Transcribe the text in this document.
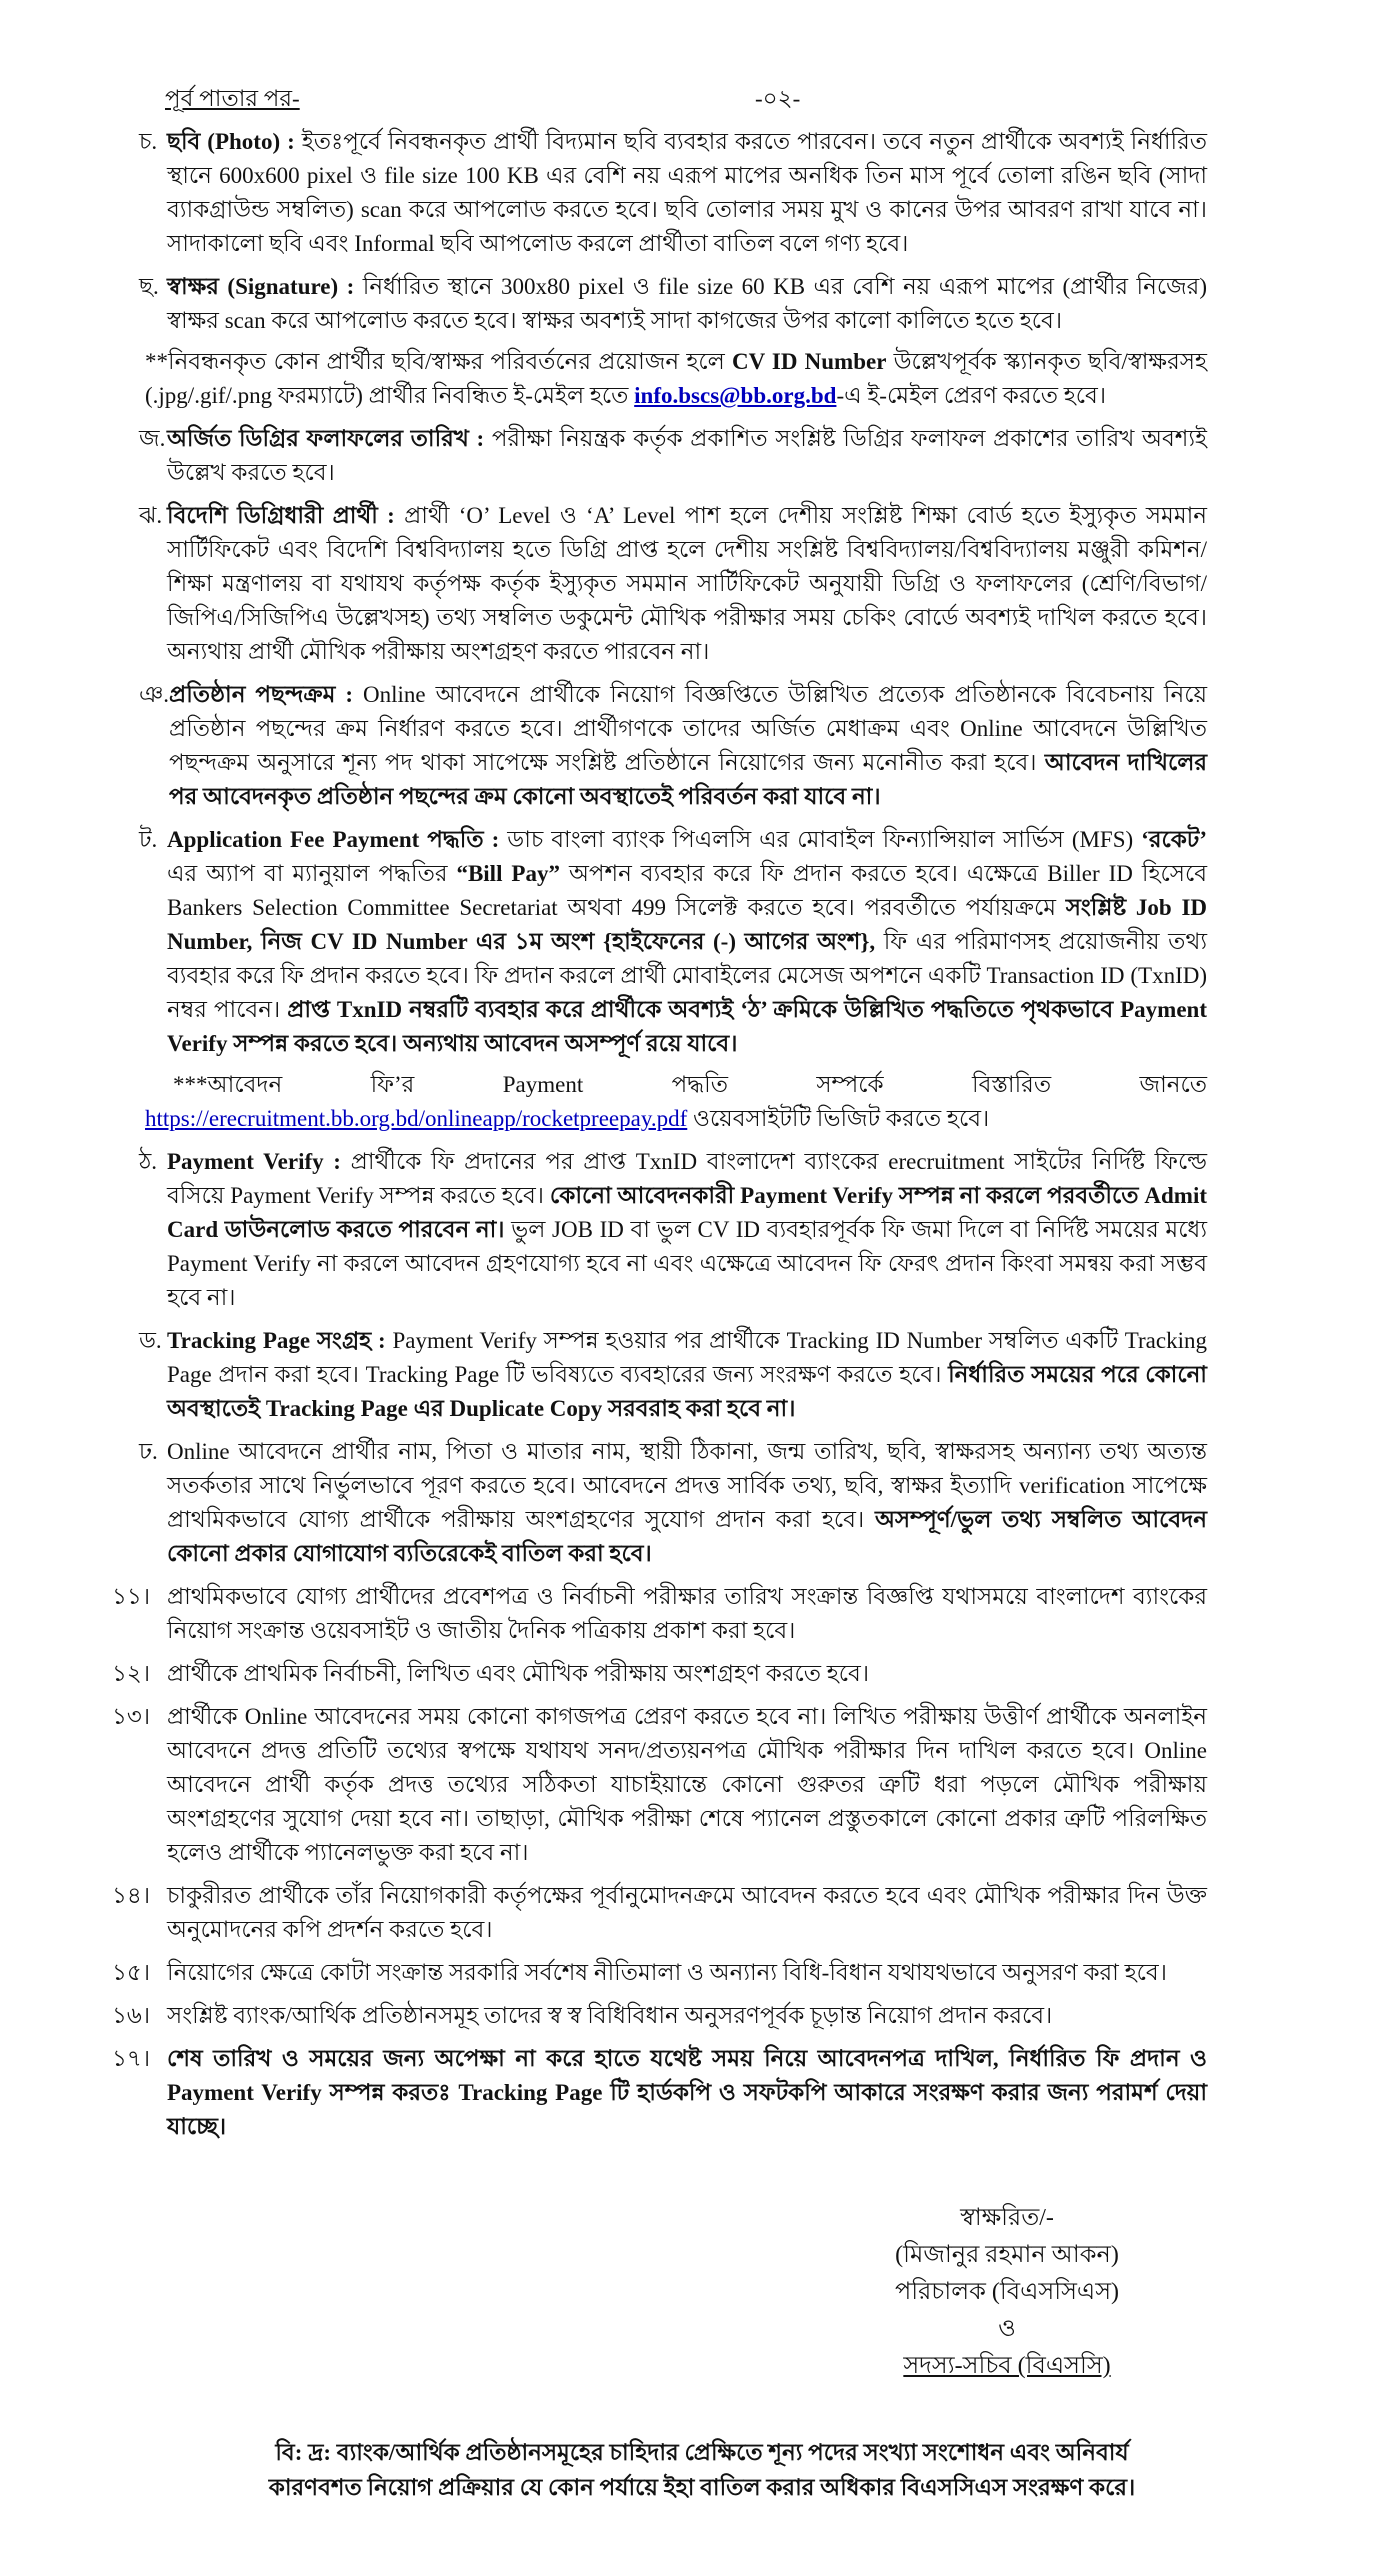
পূর্ব পাতার পর-	-০২-
চ. ছবি (Photo) : ইতঃপূর্বে নিবন্ধনকৃত প্রার্থী বিদ্যমান ছবি ব্যবহার করতে পারবেন। তবে নতুন প্রার্থীকে অবশ্যই নির্ধারিত স্থানে 600x600 pixel ও file size 100 KB এর বেশি নয় এরূপ মাপের অনধিক তিন মাস পূর্বে তোলা রঙিন ছবি (সাদা ব্যাকগ্রাউন্ড সম্বলিত) scan করে আপলোড করতে হবে। ছবি তোলার সময় মুখ ও কানের উপর আবরণ রাখা যাবে না। সাদাকালো ছবি এবং Informal ছবি আপলোড করলে প্রার্থীতা বাতিল বলে গণ্য হবে।
ছ. স্বাক্ষর (Signature) : নির্ধারিত স্থানে 300x80 pixel ও file size 60 KB এর বেশি নয় এরূপ মাপের (প্রার্থীর নিজের) স্বাক্ষর scan করে আপলোড করতে হবে। স্বাক্ষর অবশ্যই সাদা কাগজের উপর কালো কালিতে হতে হবে।
**নিবন্ধনকৃত কোন প্রার্থীর ছবি/স্বাক্ষর পরিবর্তনের প্রয়োজন হলে CV ID Number উল্লেখপূর্বক স্ক্যানকৃত ছবি/স্বাক্ষরসহ (.jpg/.gif/.png ফরম্যাটে) প্রার্থীর নিবন্ধিত ই-মেইল হতে info.bscs@bb.org.bd-এ ই-মেইল প্রেরণ করতে হবে।
জ. অর্জিত ডিগ্রির ফলাফলের তারিখ : পরীক্ষা নিয়ন্ত্রক কর্তৃক প্রকাশিত সংশ্লিষ্ট ডিগ্রির ফলাফল প্রকাশের তারিখ অবশ্যই উল্লেখ করতে হবে।
ঝ. বিদেশি ডিগ্রিধারী প্রার্থী : প্রার্থী ‘O’ Level ও ‘A’ Level পাশ হলে দেশীয় সংশ্লিষ্ট শিক্ষা বোর্ড হতে ইস্যুকৃত সমমান সার্টিফিকেট এবং বিদেশি বিশ্ববিদ্যালয় হতে ডিগ্রি প্রাপ্ত হলে দেশীয় সংশ্লিষ্ট বিশ্ববিদ্যালয়/বিশ্ববিদ্যালয় মঞ্জুরী কমিশন/শিক্ষা মন্ত্রণালয় বা যথাযথ কর্তৃপক্ষ কর্তৃক ইস্যুকৃত সমমান সার্টিফিকেট অনুযায়ী ডিগ্রি ও ফলাফলের (শ্রেণি/বিভাগ/জিপিএ/সিজিপিএ উল্লেখসহ) তথ্য সম্বলিত ডকুমেন্ট মৌখিক পরীক্ষার সময় চেকিং বোর্ডে অবশ্যই দাখিল করতে হবে। অন্যথায় প্রার্থী মৌখিক পরীক্ষায় অংশগ্রহণ করতে পারবেন না।
ঞ. প্রতিষ্ঠান পছন্দক্রম : Online আবেদনে প্রার্থীকে নিয়োগ বিজ্ঞপ্তিতে উল্লিখিত প্রত্যেক প্রতিষ্ঠানকে বিবেচনায় নিয়ে প্রতিষ্ঠান পছন্দের ক্রম নির্ধারণ করতে হবে। প্রার্থীগণকে তাদের অর্জিত মেধাক্রম এবং Online আবেদনে উল্লিখিত পছন্দক্রম অনুসারে শূন্য পদ থাকা সাপেক্ষে সংশ্লিষ্ট প্রতিষ্ঠানে নিয়োগের জন্য মনোনীত করা হবে। আবেদন দাখিলের পর আবেদনকৃত প্রতিষ্ঠান পছন্দের ক্রম কোনো অবস্থাতেই পরিবর্তন করা যাবে না।
ট. Application Fee Payment পদ্ধতি : ডাচ বাংলা ব্যাংক পিএলসি এর মোবাইল ফিন্যান্সিয়াল সার্ভিস (MFS) ‘রকেট’ এর অ্যাপ বা ম্যানুয়াল পদ্ধতির “Bill Pay” অপশন ব্যবহার করে ফি প্রদান করতে হবে। এক্ষেত্রে Biller ID হিসেবে Bankers Selection Committee Secretariat অথবা 499 সিলেক্ট করতে হবে। পরবর্তীতে পর্যায়ক্রমে সংশ্লিষ্ট Job ID Number, নিজ CV ID Number এর ১ম অংশ {হাইফেনের (-) আগের অংশ}, ফি এর পরিমাণসহ প্রয়োজনীয় তথ্য ব্যবহার করে ফি প্রদান করতে হবে। ফি প্রদান করলে প্রার্থী মোবাইলের মেসেজ অপশনে একটি Transaction ID (TxnID) নম্বর পাবেন। প্রাপ্ত TxnID নম্বরটি ব্যবহার করে প্রার্থীকে অবশ্যই ‘ঠ’ ক্রমিকে উল্লিখিত পদ্ধতিতে পৃথকভাবে Payment Verify সম্পন্ন করতে হবে। অন্যথায় আবেদন অসম্পূর্ণ রয়ে যাবে।
***আবেদন ফি’র Payment পদ্ধতি সম্পর্কে বিস্তারিত জানতে https://erecruitment.bb.org.bd/onlineapp/rocketpreepay.pdf ওয়েবসাইটটি ভিজিট করতে হবে।
ঠ. Payment Verify : প্রার্থীকে ফি প্রদানের পর প্রাপ্ত TxnID বাংলাদেশ ব্যাংকের erecruitment সাইটের নির্দিষ্ট ফিল্ডে বসিয়ে Payment Verify সম্পন্ন করতে হবে। কোনো আবেদনকারী Payment Verify সম্পন্ন না করলে পরবর্তীতে Admit Card ডাউনলোড করতে পারবেন না। ভুল JOB ID বা ভুল CV ID ব্যবহারপূর্বক ফি জমা দিলে বা নির্দিষ্ট সময়ের মধ্যে Payment Verify না করলে আবেদন গ্রহণযোগ্য হবে না এবং এক্ষেত্রে আবেদন ফি ফেরৎ প্রদান কিংবা সমন্বয় করা সম্ভব হবে না।
ড. Tracking Page সংগ্রহ : Payment Verify সম্পন্ন হওয়ার পর প্রার্থীকে Tracking ID Number সম্বলিত একটি Tracking Page প্রদান করা হবে। Tracking Page টি ভবিষ্যতে ব্যবহারের জন্য সংরক্ষণ করতে হবে। নির্ধারিত সময়ের পরে কোনো অবস্থাতেই Tracking Page এর Duplicate Copy সরবরাহ করা হবে না।
ঢ. Online আবেদনে প্রার্থীর নাম, পিতা ও মাতার নাম, স্থায়ী ঠিকানা, জন্ম তারিখ, ছবি, স্বাক্ষরসহ অন্যান্য তথ্য অত্যন্ত সতর্কতার সাথে নির্ভুলভাবে পূরণ করতে হবে। আবেদনে প্রদত্ত সার্বিক তথ্য, ছবি, স্বাক্ষর ইত্যাদি verification সাপেক্ষে প্রাথমিকভাবে যোগ্য প্রার্থীকে পরীক্ষায় অংশগ্রহণের সুযোগ প্রদান করা হবে। অসম্পূর্ণ/ভুল তথ্য সম্বলিত আবেদন কোনো প্রকার যোগাযোগ ব্যতিরেকেই বাতিল করা হবে।
১১। প্রাথমিকভাবে যোগ্য প্রার্থীদের প্রবেশপত্র ও নির্বাচনী পরীক্ষার তারিখ সংক্রান্ত বিজ্ঞপ্তি যথাসময়ে বাংলাদেশ ব্যাংকের নিয়োগ সংক্রান্ত ওয়েবসাইট ও জাতীয় দৈনিক পত্রিকায় প্রকাশ করা হবে।
১২। প্রার্থীকে প্রাথমিক নির্বাচনী, লিখিত এবং মৌখিক পরীক্ষায় অংশগ্রহণ করতে হবে।
১৩। প্রার্থীকে Online আবেদনের সময় কোনো কাগজপত্র প্রেরণ করতে হবে না। লিখিত পরীক্ষায় উত্তীর্ণ প্রার্থীকে অনলাইন আবেদনে প্রদত্ত প্রতিটি তথ্যের স্বপক্ষে যথাযথ সনদ/প্রত্যয়নপত্র মৌখিক পরীক্ষার দিন দাখিল করতে হবে। Online আবেদনে প্রার্থী কর্তৃক প্রদত্ত তথ্যের সঠিকতা যাচাইয়ান্তে কোনো গুরুতর ত্রুটি ধরা পড়লে মৌখিক পরীক্ষায় অংশগ্রহণের সুযোগ দেয়া হবে না। তাছাড়া, মৌখিক পরীক্ষা শেষে প্যানেল প্রস্তুতকালে কোনো প্রকার ত্রুটি পরিলক্ষিত হলেও প্রার্থীকে প্যানেলভুক্ত করা হবে না।
১৪। চাকুরীরত প্রার্থীকে তাঁর নিয়োগকারী কর্তৃপক্ষের পূর্বানুমোদনক্রমে আবেদন করতে হবে এবং মৌখিক পরীক্ষার দিন উক্ত অনুমোদনের কপি প্রদর্শন করতে হবে।
১৫। নিয়োগের ক্ষেত্রে কোটা সংক্রান্ত সরকারি সর্বশেষ নীতিমালা ও অন্যান্য বিধি-বিধান যথাযথভাবে অনুসরণ করা হবে।
১৬। সংশ্লিষ্ট ব্যাংক/আর্থিক প্রতিষ্ঠানসমূহ তাদের স্ব স্ব বিধিবিধান অনুসরণপূর্বক চূড়ান্ত নিয়োগ প্রদান করবে।
১৭। শেষ তারিখ ও সময়ের জন্য অপেক্ষা না করে হাতে যথেষ্ট সময় নিয়ে আবেদনপত্র দাখিল, নির্ধারিত ফি প্রদান ও Payment Verify সম্পন্ন করতঃ Tracking Page টি হার্ডকপি ও সফটকপি আকারে সংরক্ষণ করার জন্য পরামর্শ দেয়া যাচ্ছে।
স্বাক্ষরিত/-
(মিজানুর রহমান আকন)
পরিচালক (বিএসসিএস)
ও
সদস্য-সচিব (বিএসসি)
বি: দ্র: ব্যাংক/আর্থিক প্রতিষ্ঠানসমূহের চাহিদার প্রেক্ষিতে শূন্য পদের সংখ্যা সংশোধন এবং অনিবার্য
কারণবশত নিয়োগ প্রক্রিয়ার যে কোন পর্যায়ে ইহা বাতিল করার অধিকার বিএসসিএস সংরক্ষণ করে।
